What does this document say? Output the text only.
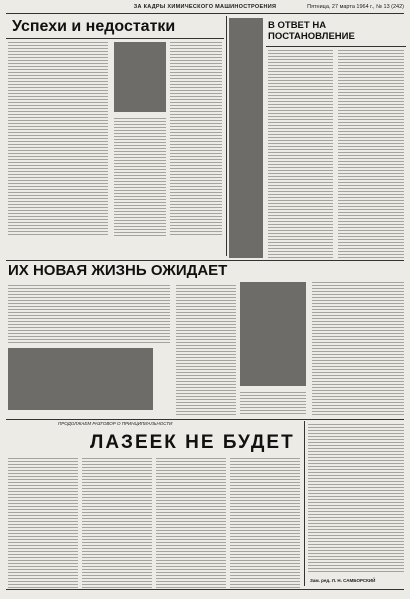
ЗА КАДРЫ ХИМИЧЕСКОГО МАШИНОСТРОЕНИЯ	Пятница, 27 марта 1964 г., № 13 (242)
Успехи и недостатки	В ОТВЕТ НА ПОСТАНОВЛЕНИЕ
ИХ НОВАЯ ЖИЗНЬ ОЖИДАЕТ
ПРОДОЛЖАЕМ РАЗГОВОР О ПРИНЦИПИАЛЬНОСТИ
ЛАЗЕЕК НЕ БУДЕТ
Зам. ред. Л. Н. САМБОРСКИЙ
